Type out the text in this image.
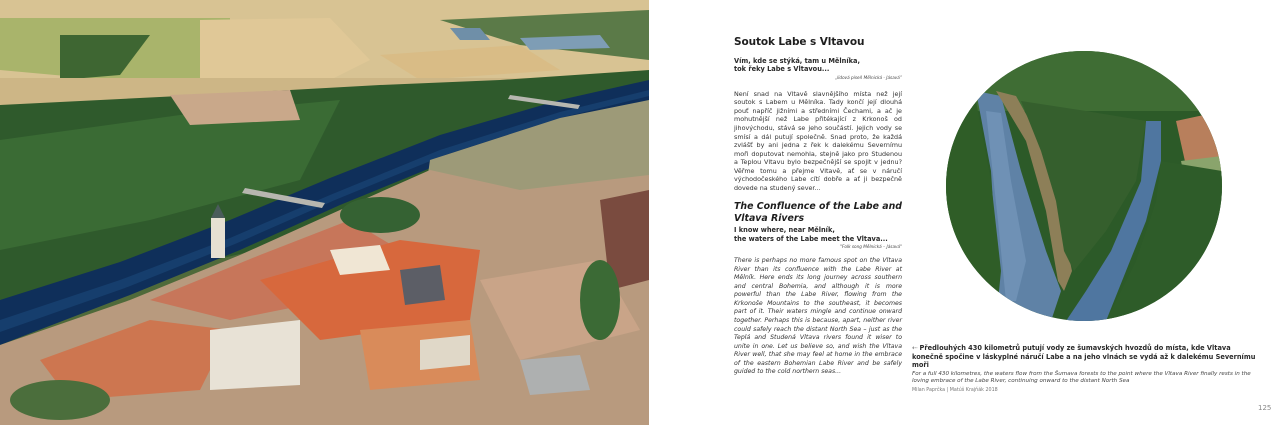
Soutok Labe s Vltavou
Vím, kde se stýká, tam u Mělníka,
tok řeky Labe s Vltavou...
„lidová píseň Mělnická - Jásavá“

Není snad na Vltavě slavnějšího místa než její soutok s Labem u Mělníka. Tady končí její dlouhá pouť napříč jižními a středními Čechami, a ač je mohutnější než Labe přitékající z Krkonoš od jihovýchodu, stává se jeho součástí. Jejich vody se smísí a dál putují společně. Snad proto, že každá zvlášť by ani jedna z řek k dalekému Severnímu moři doputovat nemohla, stejně jako pro Studenou a Teplou Vltavu bylo bezpečnější se spojit v jednu? Věřme tomu a přejme Vltavě, ať se v náručí východočeského Labe cítí dobře a ať ji bezpečně dovede na studený sever...

The Confluence of the Labe and Vltava Rivers
I know where, near Mělník,
the waters of the Labe meet the Vltava...
"Folk song Mělnická – Jásavá"

There is perhaps no more famous spot on the Vltava River than its confluence with the Labe River at Mělník. Here ends its long journey across southern and central Bohemia, and although it is more powerful than the Labe River, flowing from the Krkonoše Mountains to the southeast, it becomes part of it. Their waters mingle and continue onward together. Perhaps this is because, apart, neither river could safely reach the distant North Sea – just as the Teplá and Studená Vltava rivers found it wiser to unite in one. Let us believe so, and wish the Vltava River well, that she may feel at home in the embrace of the eastern Bohemian Labe River and be safely guided to the cold northern seas...

⇠ Předlouhých 430 kilometrů putují vody ze šumavských hvozdů do místa, kde Vltava konečně spočine v láskyplné náručí Labe a na jeho vlnách se vydá až k dalekému Severnímu moři
For a full 430 kilometres, the waters flow from the Šumava forests to the point where the Vltava River finally rests in the loving embrace of the Labe River, continuing onward to the distant North Sea
Milan Paprčka | Matúš Krajňák 2018
125
